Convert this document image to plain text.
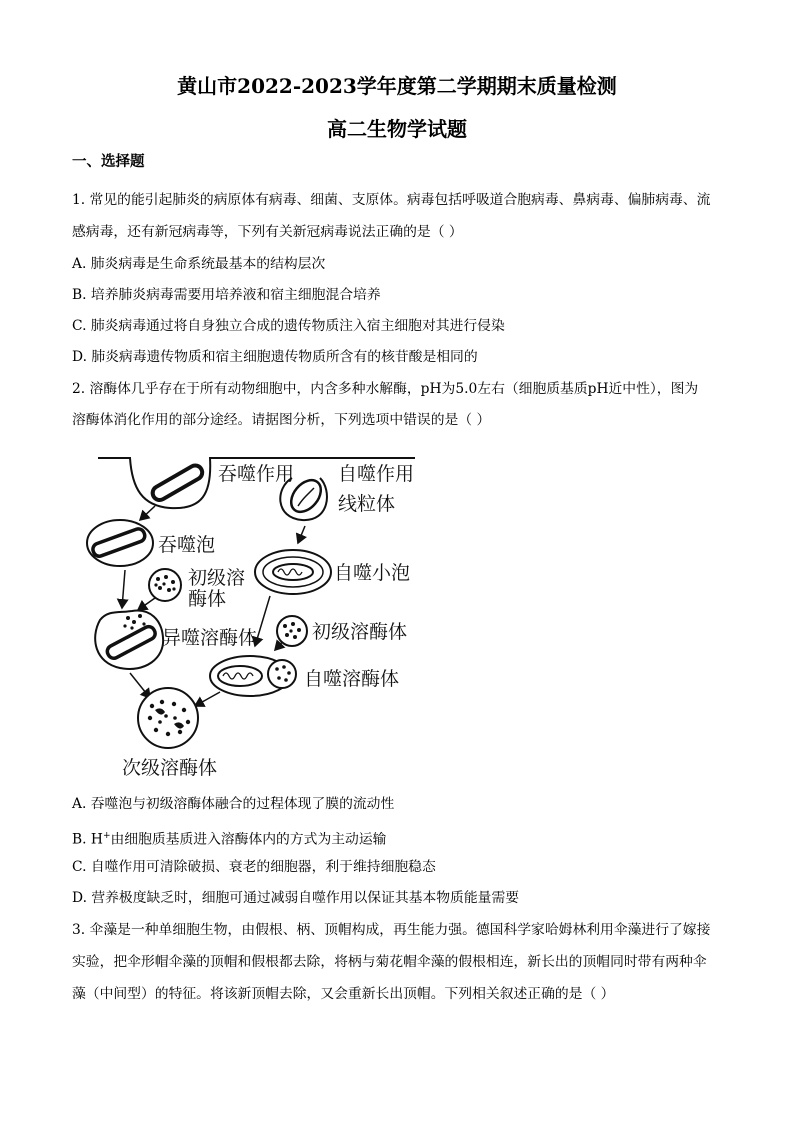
黄山市2022-2023学年度第二学期期末质量检测
高二生物学试题
一、选择题
1. 常见的能引起肺炎的病原体有病毒、细菌、支原体。病毒包括呼吸道合胞病毒、鼻病毒、偏肺病毒、流
感病毒，还有新冠病毒等，下列有关新冠病毒说法正确的是（ ）
A. 肺炎病毒是生命系统最基本的结构层次
B. 培养肺炎病毒需要用培养液和宿主细胞混合培养
C. 肺炎病毒通过将自身独立合成的遗传物质注入宿主细胞对其进行侵染
D. 肺炎病毒遗传物质和宿主细胞遗传物质所含有的核苷酸是相同的
2. 溶酶体几乎存在于所有动物细胞中，内含多种水解酶，pH为5.0左右（细胞质基质pH近中性），图为
溶酶体消化作用的部分途经。请据图分析，下列选项中错误的是（ ）
吞噬作用 自噬作用
线粒体
吞噬泡
自噬小泡
初级溶
酶体
异噬溶酶体	初级溶酶体
自噬溶酶体
次级溶酶体
A. 吞噬泡与初级溶酶体融合的过程体现了膜的流动性
B. H+由细胞质基质进入溶酶体内的方式为主动运输
C. 自噬作用可清除破损、衰老的细胞器，利于维持细胞稳态
D. 营养极度缺乏时，细胞可通过减弱自噬作用以保证其基本物质能量需要
3. 伞藻是一种单细胞生物，由假根、柄、顶帽构成，再生能力强。德国科学家哈姆林利用伞藻进行了嫁接
实验，把伞形帽伞藻的顶帽和假根都去除，将柄与菊花帽伞藻的假根相连，新长出的顶帽同时带有两种伞
藻（中间型）的特征。将该新顶帽去除，又会重新长出顶帽。下列相关叙述正确的是（ ）
